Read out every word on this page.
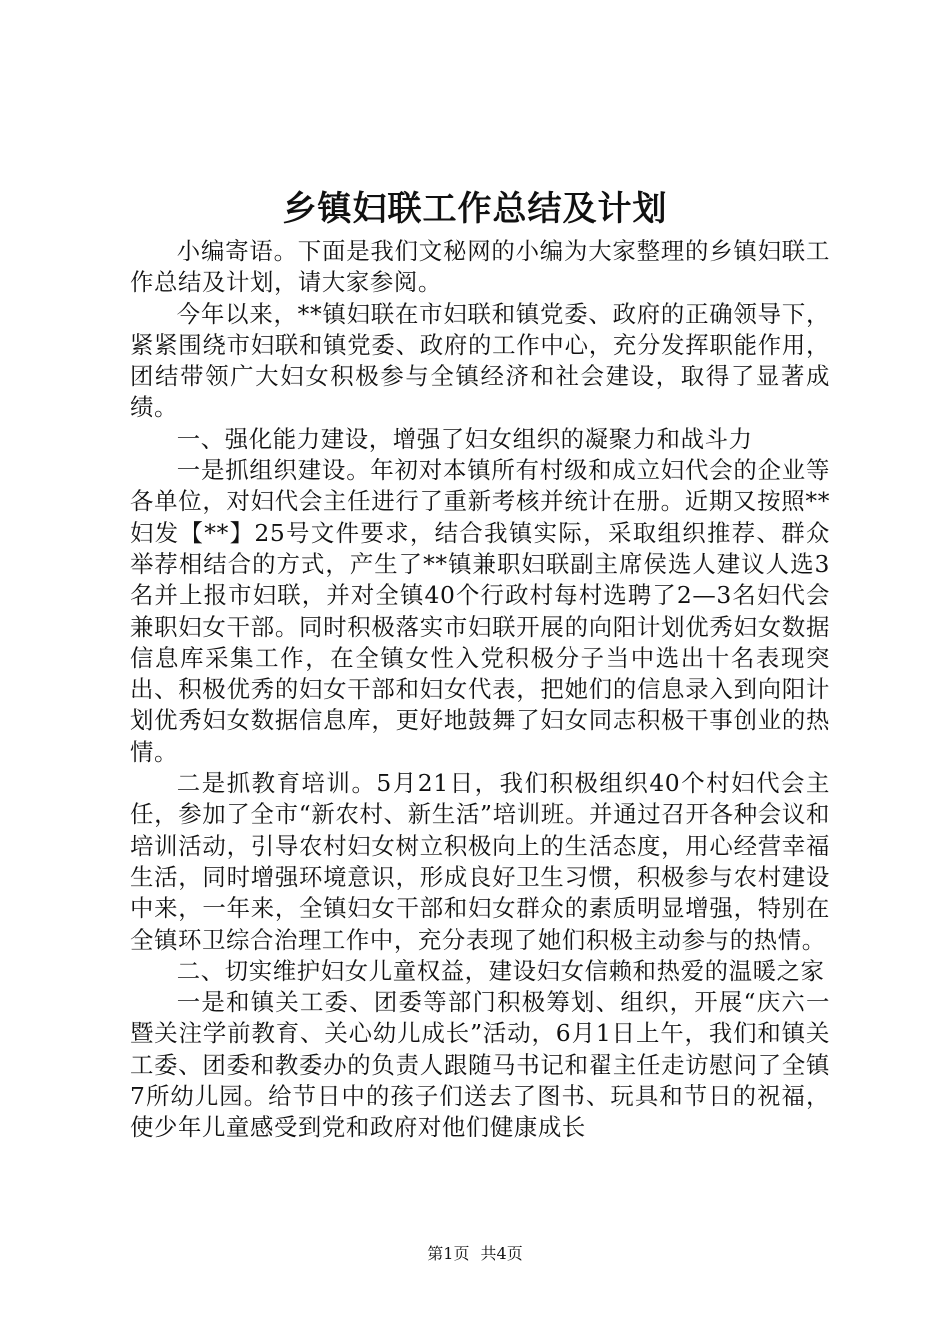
乡镇妇联工作总结及计划

小编寄语。下面是我们文秘网的小编为大家整理的乡镇妇联工作总结及计划，请大家参阅。

今年以来，**镇妇联在市妇联和镇党委、政府的正确领导下，紧紧围绕市妇联和镇党委、政府的工作中心，充分发挥职能作用，团结带领广大妇女积极参与全镇经济和社会建设，取得了显著成绩。

一、强化能力建设，增强了妇女组织的凝聚力和战斗力

一是抓组织建设。年初对本镇所有村级和成立妇代会的企业等各单位，对妇代会主任进行了重新考核并统计在册。近期又按照**妇发【**】25号文件要求，结合我镇实际，采取组织推荐、群众举荐相结合的方式，产生了**镇兼职妇联副主席侯选人建议人选3名并上报市妇联，并对全镇40个行政村每村选聘了2—3名妇代会兼职妇女干部。同时积极落实市妇联开展的向阳计划优秀妇女数据信息库采集工作，在全镇女性入党积极分子当中选出十名表现突出、积极优秀的妇女干部和妇女代表，把她们的信息录入到向阳计划优秀妇女数据信息库，更好地鼓舞了妇女同志积极干事创业的热情。

二是抓教育培训。5月21日，我们积极组织40个村妇代会主任，参加了全市“新农村、新生活”培训班。并通过召开各种会议和培训活动，引导农村妇女树立积极向上的生活态度，用心经营幸福生活，同时增强环境意识，形成良好卫生习惯，积极参与农村建设中来，一年来，全镇妇女干部和妇女群众的素质明显增强，特别在全镇环卫综合治理工作中，充分表现了她们积极主动参与的热情。

二、切实维护妇女儿童权益，建设妇女信赖和热爱的温暖之家

一是和镇关工委、团委等部门积极筹划、组织，开展“庆六一暨关注学前教育、关心幼儿成长”活动，6月1日上午，我们和镇关工委、团委和教委办的负责人跟随马书记和翟主任走访慰问了全镇7所幼儿园。给节日中的孩子们送去了图书、玩具和节日的祝福，使少年儿童感受到党和政府对他们健康成长

第1页 共4页
